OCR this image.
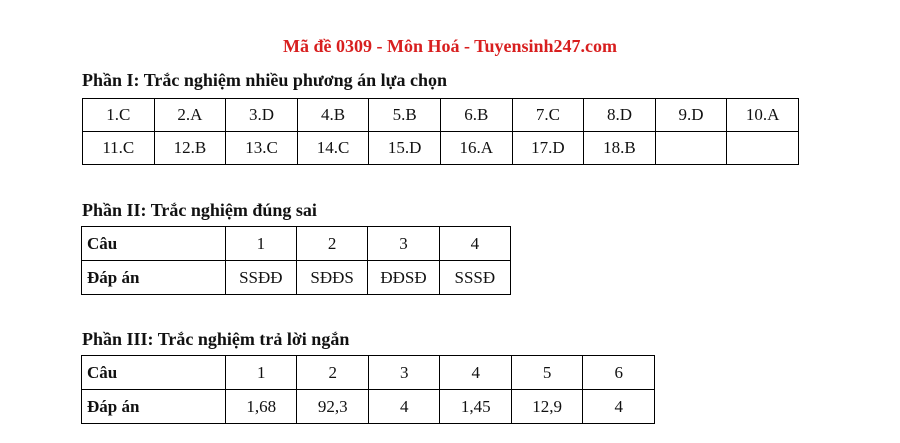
Mã đề 0309 - Môn Hoá - Tuyensinh247.com
Phần I: Trắc nghiệm nhiều phương án lựa chọn
1.C	2.A	3.D	4.B	5.B	6.B	7.C	8.D	9.D	10.A
11.C	12.B	13.C	14.C	15.D	16.A	17.D	18.B		
Phần II: Trắc nghiệm đúng sai
Câu	1	2	3	4
Đáp án	SSĐĐ	SĐĐS	ĐĐSĐ	SSSĐ
Phần III: Trắc nghiệm trả lời ngắn
Câu	1	2	3	4	5	6
Đáp án	1,68	92,3	4	1,45	12,9	4
